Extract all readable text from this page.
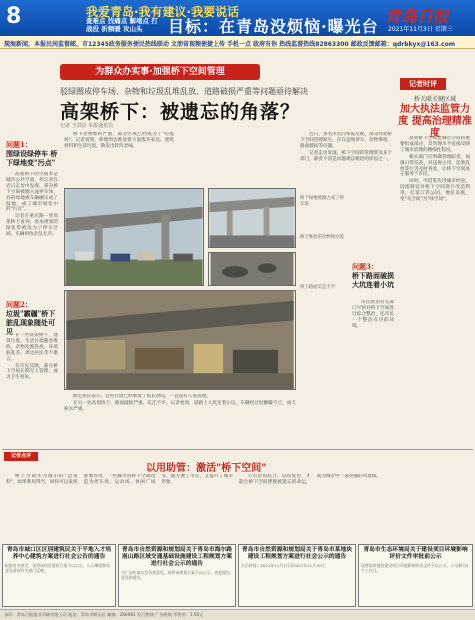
8	我爱青岛·我有建议·我要说话
查难点 找痛点 解堵点 打战役 祈频暖 攻山头	目标：在青岛没烦恼·曝光台
青岛日报
2021年11月3日 星期三
现海新闻，本报民间监督邮，市12345政务服务便民热线联动 文朋省视频便捷上传 手机一点 政府有你 热线监督热线82863300 邮政反馈邮箱：qdrbkyx@163.com
为群众办实事·加强桥下空间管理
驳绿圈成停车场、杂物和垃圾乱堆乱放、道路破损严重等问题亟待解决
高架桥下：被遗忘的角落？
记者 王洪臣 本报通讯员
问题1：
围绿设绿停车 桥下绿地变"污点"

高架桥下的空间本是城市公共空间，但记者在近日走访中发现，部分桥下空间被圈占成停车场，有的绿地被车辆碾压成了泥地，成了城市绿化中的"污点"。

记者在重庆路一处高架桥下看到，原本规划的绿化带被改为了停车区域，车辆停放杂乱无序。

问题2：
垃圾"霸疆"桥下 脏乱现象随处可见 在一些高架桥下，建筑垃圾、生活垃圾随意堆放，杂物乱堆乱放，环境脏乱差，周边居民苦不堪言。

有市民反映，部分桥下空间长期无人管理，成为卫生死角。

桥下杂物堆积严重，部分区域已经成为了"垃圾场"。记者看到，桥墩周边堆放着大量废弃家具、建筑材料和生活垃圾，散发出阵阵异味。

桥下绿地被圈占成了停车场
桥下堆放的杂物和垃圾
桥下路面坑洼不平

附近居民表示，这些垃圾已经堆放了很长时间，一直没有人来清理。

在另一处高架桥下，路面破损严重，坑洼不平。记者看到，道路上大坑连着小坑，车辆经过时颠簸不已，雨天积水严重。

近日，多名市民向本报反映，部分高架桥下空间管理缺失，存在违规停车、杂物堆放、路面破损等问题。

记者走访发现，桥下空间的管理涉及多个部门，职责不清是问题难以根治的原因之一。

问题3：
桥下路面破损 大坑连着小坑

市民希望有关部门尽快对桥下空间进行综合整治，还市民一个整洁有序的环境。

记者时评
桥关联关键区域
加大执法监管力度 提高治理精准度

高架桥下空间是城市空间的重要组成部分，其管理水平直接反映了城市治理的精细化程度。

相关部门应明确管理职责，加强日常巡查，对违规占用、乱堆乱放等行为及时查处，让桥下空间真正服务于市民。

同时，可借鉴先进城市经验，因地制宜对桥下空间进行改造利用，打造口袋公园、便民设施，变"灰空间"为"绿空间"。

记者点评
以用助管：激活"桥下空间"

桥下空间作为城市的"边角料"，如果利用得当，同样可以发挥重要作用。一些城市将桥下空间改造为停车场、运动场、休闲广场等，既方便了市民，又提升了城市形象。

只有管用结合、以用促管，才能让桥下空间摆脱被遗忘的命运，成为城市中一道亮丽的风景线。

青岛市城口区区别建筑民关于平地入才培养中心建筑方案进行社会公告的通告
根据有关规定，现将该项目建筑方案予以公示，公示期间如有意见请向有关部门反映。
青岛市自然资源和规划局关于青岛市海尔路南山路区域交通基础设施建设工程规划方案进行社会公示的通告
为广泛听取社会各界意见，现将该规划方案予以公示，欢迎提出意见和建议。
青岛市自然资源和规划局关于青岛市某地块建设工程规划方案进行社会公示的通告
公示时间：2021年11月3日至2021年11月12日。
青岛市生态环境局关于建设项目环境影响评价文件审批前公示
现将拟审批的建设项目环境影响评价文件予以公示，公示期为5个工作日。
承印：青岛日报报业印刷有限公司 地址：青岛市崂山区 邮编：266061 发行热线 广告热线 零售价：1.50元
